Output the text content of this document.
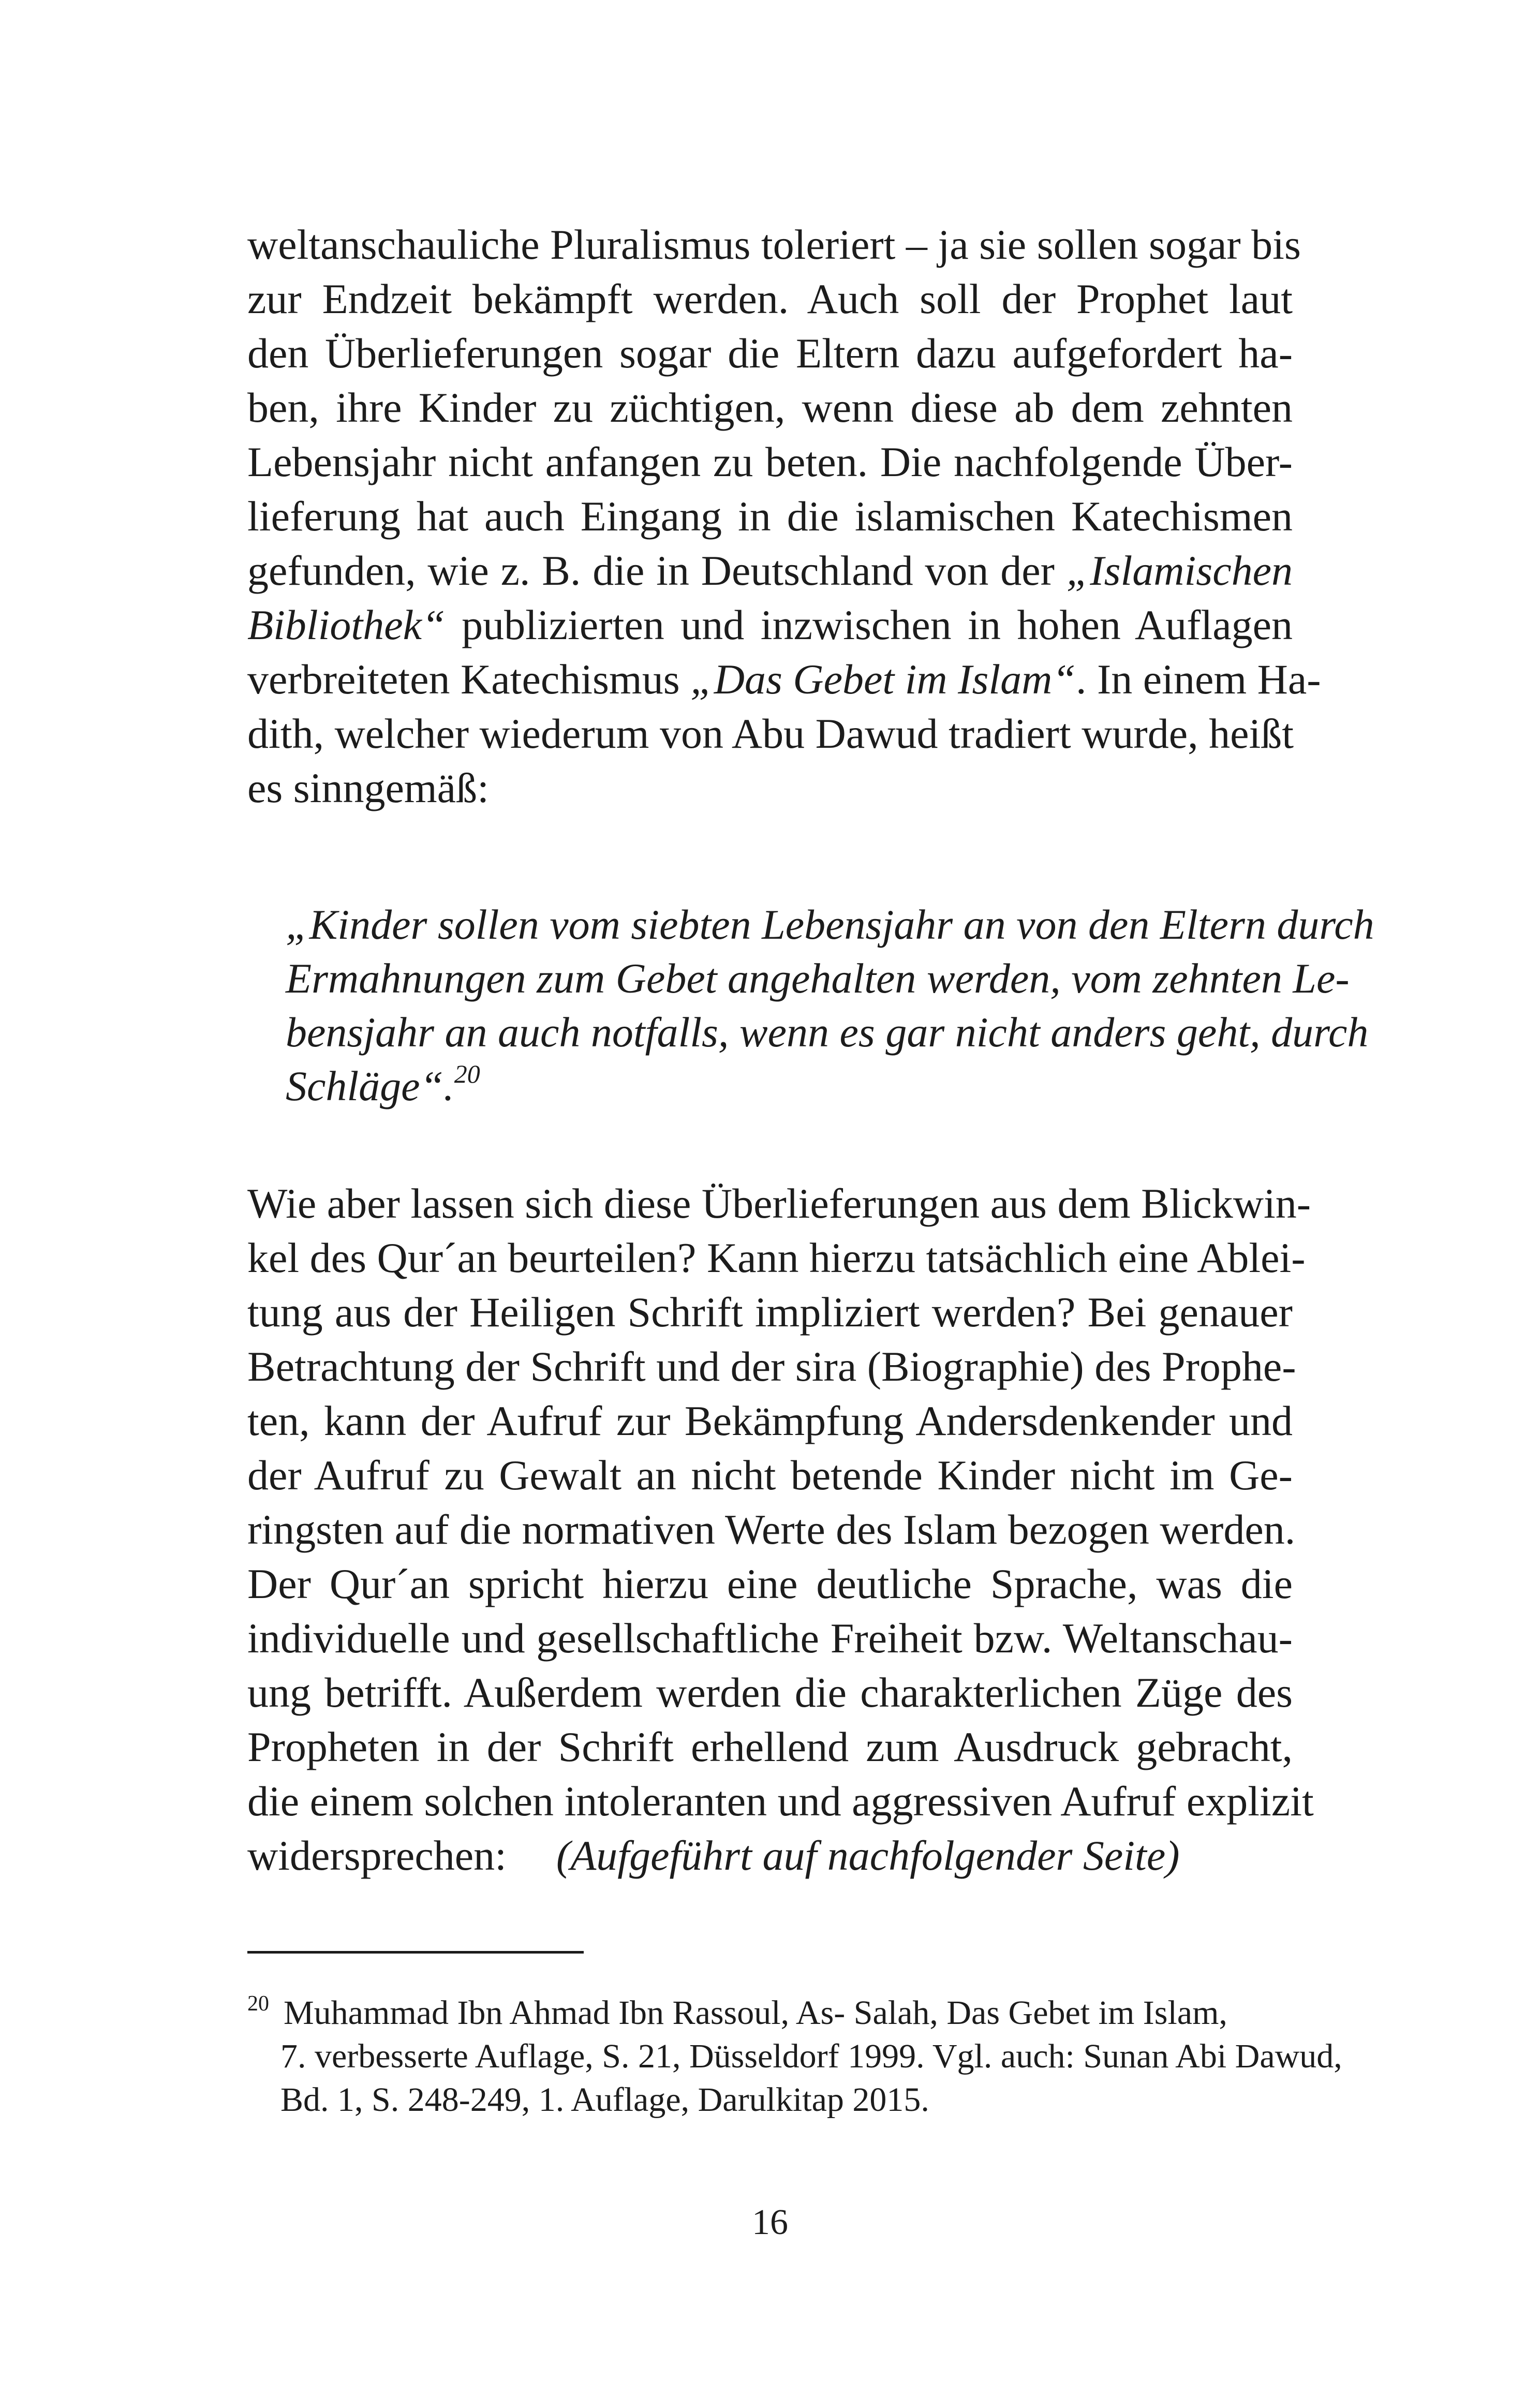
weltanschauliche Pluralismus toleriert – ja sie sollen sogar bis
zur Endzeit bekämpft werden. Auch soll der Prophet laut
den Überlieferungen sogar die Eltern dazu aufgefordert ha-
ben, ihre Kinder zu züchtigen, wenn diese ab dem zehnten
Lebensjahr nicht anfangen zu beten. Die nachfolgende Über-
lieferung hat auch Eingang in die islamischen Katechismen
gefunden, wie z. B. die in Deutschland von der „Islamischen
Bibliothek“ publizierten und inzwischen in hohen Auflagen
verbreiteten Katechismus „Das Gebet im Islam“. In einem Ha-
dith, welcher wiederum von Abu Dawud tradiert wurde, heißt
es sinngemäß:
„Kinder sollen vom siebten Lebensjahr an von den Eltern durch
Ermahnungen zum Gebet angehalten werden, vom zehnten Le-
bensjahr an auch notfalls, wenn es gar nicht anders geht, durch
Schläge“.$^{20}$
Wie aber lassen sich diese Überlieferungen aus dem Blickwin-
kel des Qur´an beurteilen? Kann hierzu tatsächlich eine Ablei-
tung aus der Heiligen Schrift impliziert werden? Bei genauer
Betrachtung der Schrift und der sira (Biographie) des Prophe-
ten, kann der Aufruf zur Bekämpfung Andersdenkender und
der Aufruf zu Gewalt an nicht betende Kinder nicht im Ge-
ringsten auf die normativen Werte des Islam bezogen werden.
Der Qur´an spricht hierzu eine deutliche Sprache, was die
individuelle und gesellschaftliche Freiheit bzw. Weltanschau-
ung betrifft. Außerdem werden die charakterlichen Züge des
Propheten in der Schrift erhellend zum Ausdruck gebracht,
die einem solchen intoleranten und aggressiven Aufruf explizit
widersprechen: (Aufgeführt auf nachfolgender Seite)
$^{20}$ Muhammad Ibn Ahmad Ibn Rassoul, As- Salah, Das Gebet im Islam,
7. verbesserte Auflage, S. 21, Düsseldorf 1999. Vgl. auch: Sunan Abi Dawud,
Bd. 1, S. 248-249, 1. Auflage, Darulkitap 2015.
16
